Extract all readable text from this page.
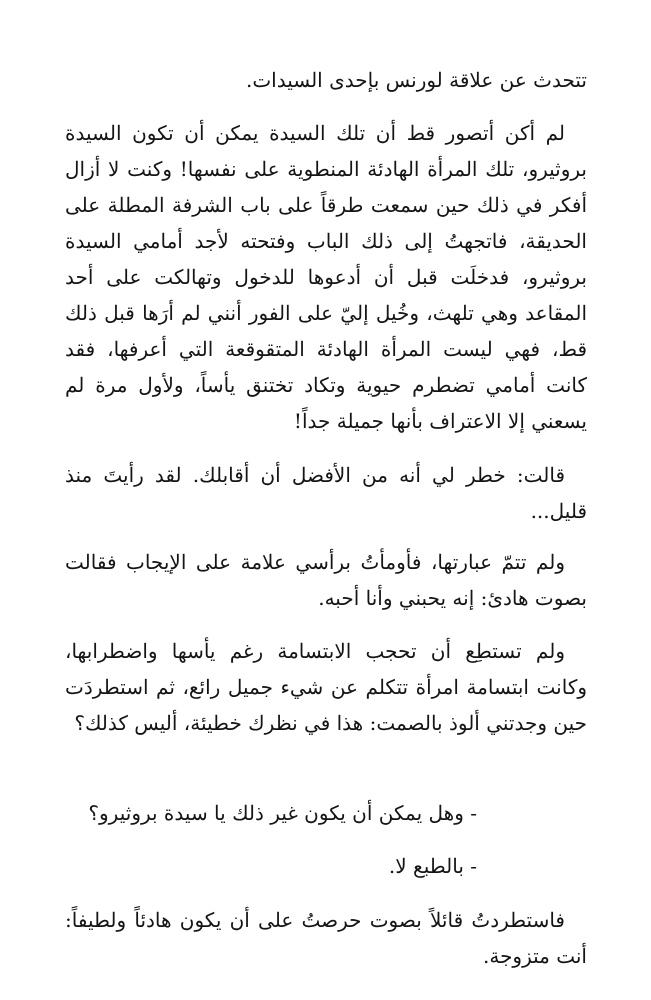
تتحدث عن علاقة لورنس بإحدى السيدات.

لم أكن أتصور قط أن تلك السيدة يمكن أن تكون السيدة بروثيرو، تلك المرأة الهادئة المنطوية على نفسها! وكنت لا أزال أفكر في ذلك حين سمعت طرقاً على باب الشرفة المطلة على الحديقة، فاتجهتُ إلى ذلك الباب وفتحته لأجد أمامي السيدة بروثيرو، فدخلَت قبل أن أدعوها للدخول وتهالكت على أحد المقاعد وهي تلهث، وخُيل إليّ على الفور أنني لم أرَها قبل ذلك قط، فهي ليست المرأة الهادئة المتقوقعة التي أعرفها، فقد كانت أمامي تضطرم حيوية وتكاد تختنق يأساً، ولأول مرة لم يسعني إلا الاعتراف بأنها جميلة جداً!

قالت: خطر لي أنه من الأفضل أن أقابلك. لقد رأيتَ منذ قليل...

ولم تتمّ عبارتها، فأومأتُ برأسي علامة على الإيجاب فقالت بصوت هادئ: إنه يحبني وأنا أحبه.

ولم تستطِع أن تحجب الابتسامة رغم يأسها واضطرابها، وكانت ابتسامة امرأة تتكلم عن شيء جميل رائع، ثم استطردَت حين وجدتني ألوذ بالصمت: هذا في نظرك خطيئة، أليس كذلك؟

- وهل يمكن أن يكون غير ذلك يا سيدة بروثيرو؟

- بالطبع لا.

فاستطردتُ قائلاً بصوت حرصتُ على أن يكون هادئاً ولطيفاً: أنت متزوجة.
